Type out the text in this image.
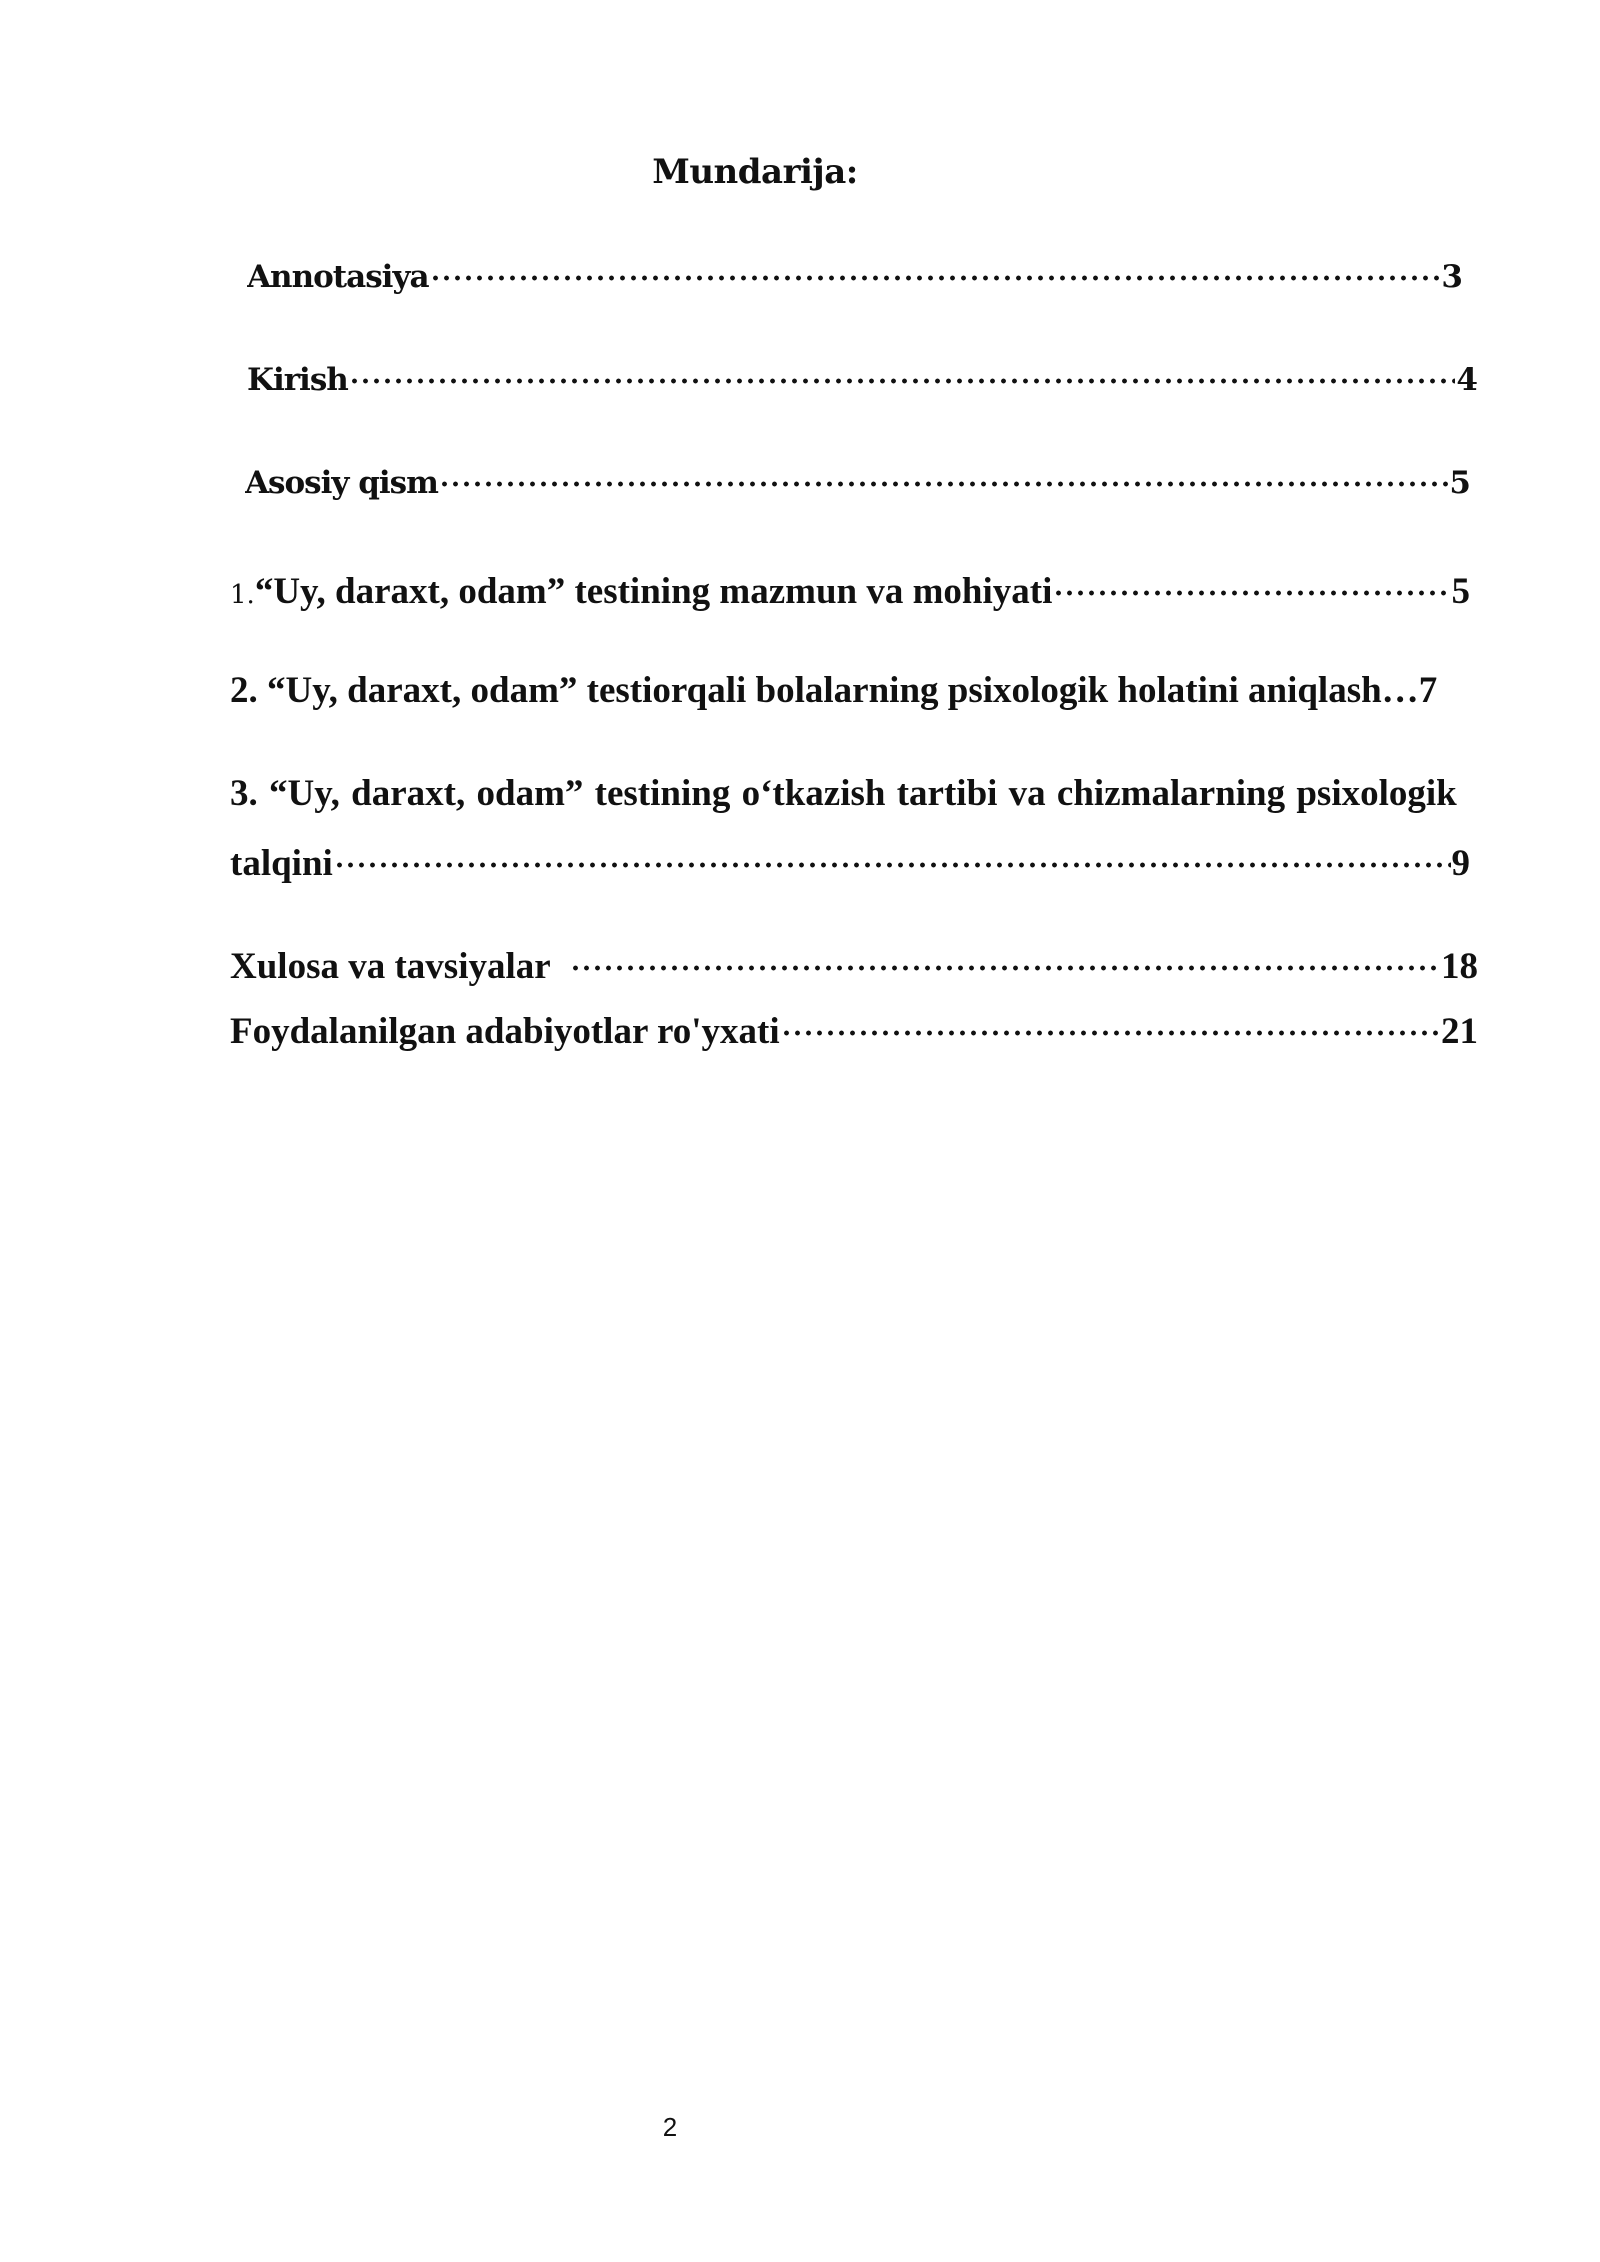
Mundarija:
Annotasiya	3
Kirish	4
Asosiy qism	5
1.“Uy, daraxt, odam” testining mazmun va mohiyati	5
2. “Uy, daraxt, odam” testiorqali bolalarning psixologik holatini aniqlash… 7
3. “Uy, daraxt, odam” testining o‘tkazish tartibi va chizmalarning psixologik
talqini	9
Xulosa va tavsiyalar	18
Foydalanilgan adabiyotlar ro'yxati	21
2
